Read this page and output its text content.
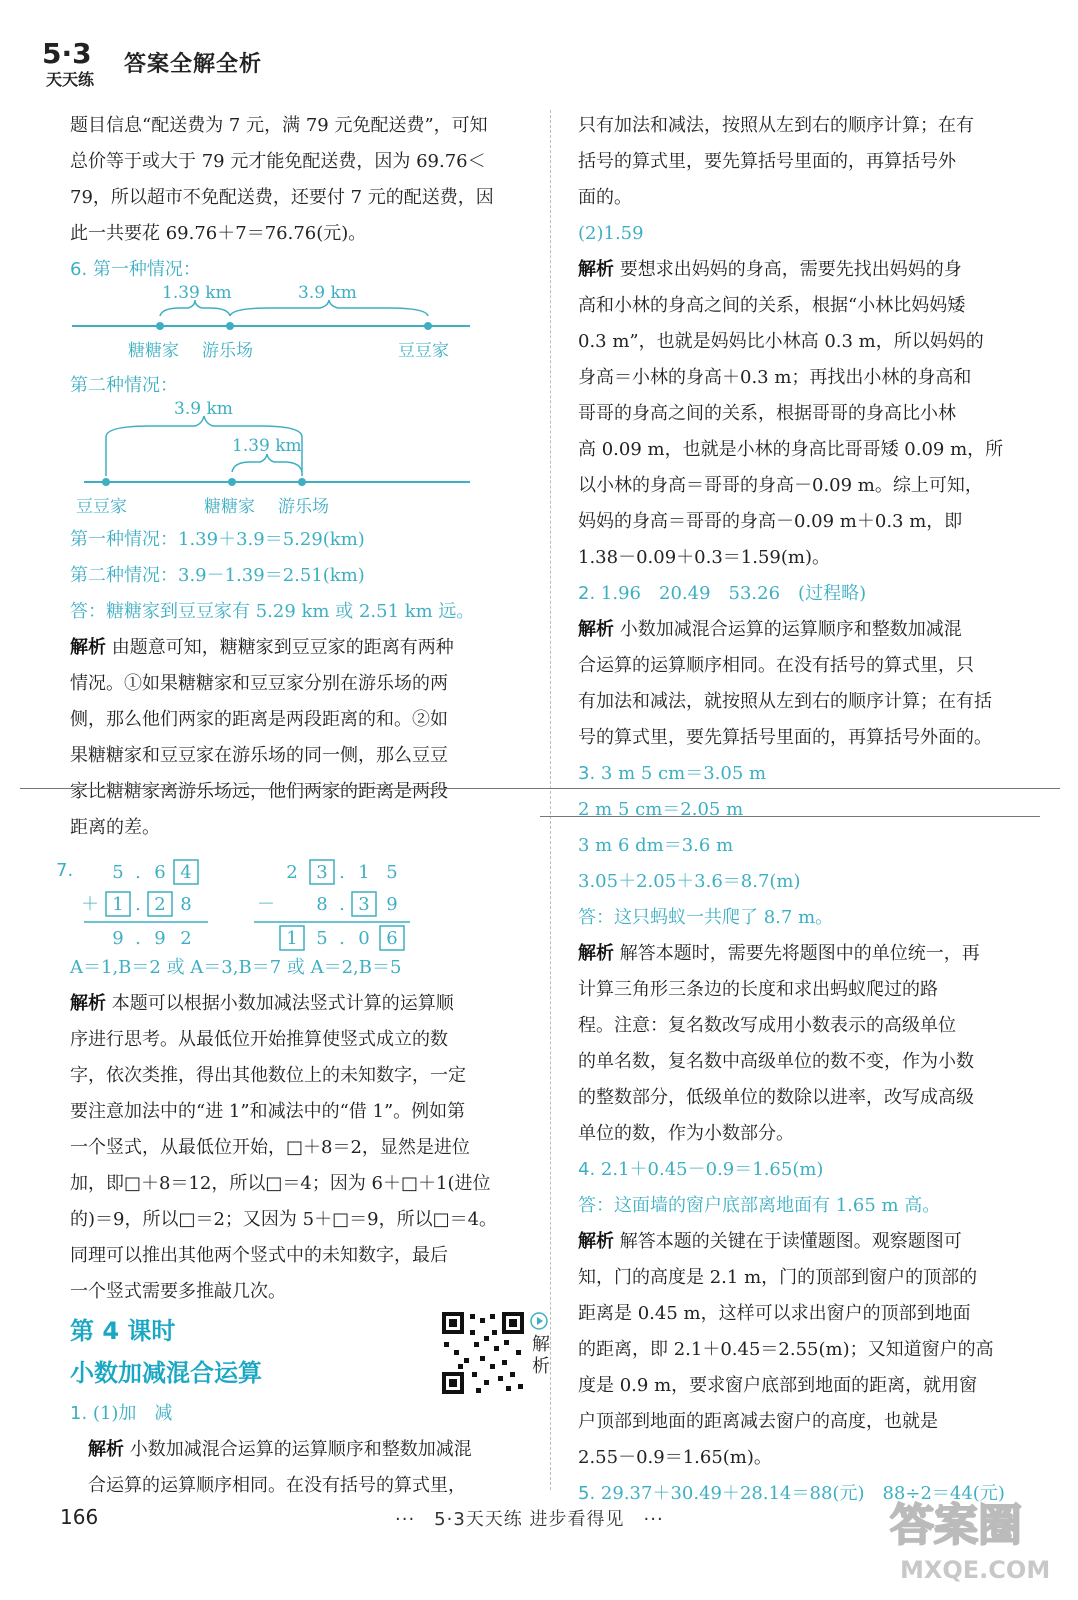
5·3
天天练
答案全解全析

题目信息“配送费为 7 元，满 79 元免配送费”，可知

总价等于或大于 79 元才能免配送费，因为 69.76＜

79，所以超市不免配送费，还要付 7 元的配送费，因

此一共要花 69.76＋7＝76.76(元)。

6. 第一种情况：

1.39 km	3.9 km
糖糖家 游乐场	豆豆家

第二种情况：

3.9 km
1.39 km
豆豆家	糖糖家 游乐场

第一种情况：1.39＋3.9＝5.29(km)

第二种情况：3.9－1.39＝2.51(km)

答：糖糖家到豆豆家有 5.29 km 或 2.51 km 远。

解析 由题意可知，糖糖家到豆豆家的距离有两种

情况。①如果糖糖家和豆豆家分别在游乐场的两

侧，那么他们两家的距离是两段距离的和。②如

果糖糖家和豆豆家在游乐场的同一侧，那么豆豆

家比糖糖家离游乐场远，他们两家的距离是两段

距离的差。

7. 5 . 6 4
＋ 1 . 2 8
9 . 9 2
2 3 . 1 5
－ 8 . 3 9
1 5 . 0 6

A＝1,B＝2 或 A＝3,B＝7 或 A＝2,B＝5

解析 本题可以根据小数加减法竖式计算的运算顺

序进行思考。从最低位开始推算使竖式成立的数

字，依次类推，得出其他数位上的未知数字，一定

要注意加法中的“进 1”和减法中的“借 1”。例如第

一个竖式，从最低位开始，□＋8＝2，显然是进位

加，即□＋8＝12，所以□＝4；因为 6＋□＋1(进位

的)＝9，所以□＝2；又因为 5＋□＝9，所以□＝4。

同理可以推出其他两个竖式中的未知数字，最后

一个竖式需要多推敲几次。

第 4 课时
小数加减混合运算
解析

1. (1)加　减

解析 小数加减混合运算的运算顺序和整数加减混

合运算的运算顺序相同。在没有括号的算式里，

只有加法和减法，按照从左到右的顺序计算；在有

括号的算式里，要先算括号里面的，再算括号外

面的。

(2)1.59

解析 要想求出妈妈的身高，需要先找出妈妈的身

高和小林的身高之间的关系，根据“小林比妈妈矮

0.3 m”，也就是妈妈比小林高 0.3 m，所以妈妈的

身高＝小林的身高＋0.3 m；再找出小林的身高和

哥哥的身高之间的关系，根据哥哥的身高比小林

高 0.09 m，也就是小林的身高比哥哥矮 0.09 m，所

以小林的身高＝哥哥的身高－0.09 m。综上可知，

妈妈的身高＝哥哥的身高－0.09 m＋0.3 m，即

1.38－0.09＋0.3＝1.59(m)。

2. 1.96　20.49　53.26　(过程略)

解析 小数加减混合运算的运算顺序和整数加减混

合运算的运算顺序相同。在没有括号的算式里，只

有加法和减法，就按照从左到右的顺序计算；在有括

号的算式里，要先算括号里面的，再算括号外面的。

3. 3 m 5 cm＝3.05 m

2 m 5 cm＝2.05 m

3 m 6 dm＝3.6 m

3.05＋2.05＋3.6＝8.7(m)

答：这只蚂蚁一共爬了 8.7 m。

解析 解答本题时，需要先将题图中的单位统一，再

计算三角形三条边的长度和求出蚂蚁爬过的路

程。注意：复名数改写成用小数表示的高级单位

的单名数，复名数中高级单位的数不变，作为小数

的整数部分，低级单位的数除以进率，改写成高级

单位的数，作为小数部分。

4. 2.1＋0.45－0.9＝1.65(m)

答：这面墙的窗户底部离地面有 1.65 m 高。

解析 解答本题的关键在于读懂题图。观察题图可

知，门的高度是 2.1 m，门的顶部到窗户的顶部的

距离是 0.45 m，这样可以求出窗户的顶部到地面

的距离，即 2.1＋0.45＝2.55(m)；又知道窗户的高

度是 0.9 m，要求窗户底部到地面的距离，就用窗

户顶部到地面的距离减去窗户的高度，也就是

2.55－0.9＝1.65(m)。

5. 29.37＋30.49＋28.14＝88(元)　88÷2＝44(元)

166	···　5·3天天练 进步看得见　···	答案圈
MXQE.COM
